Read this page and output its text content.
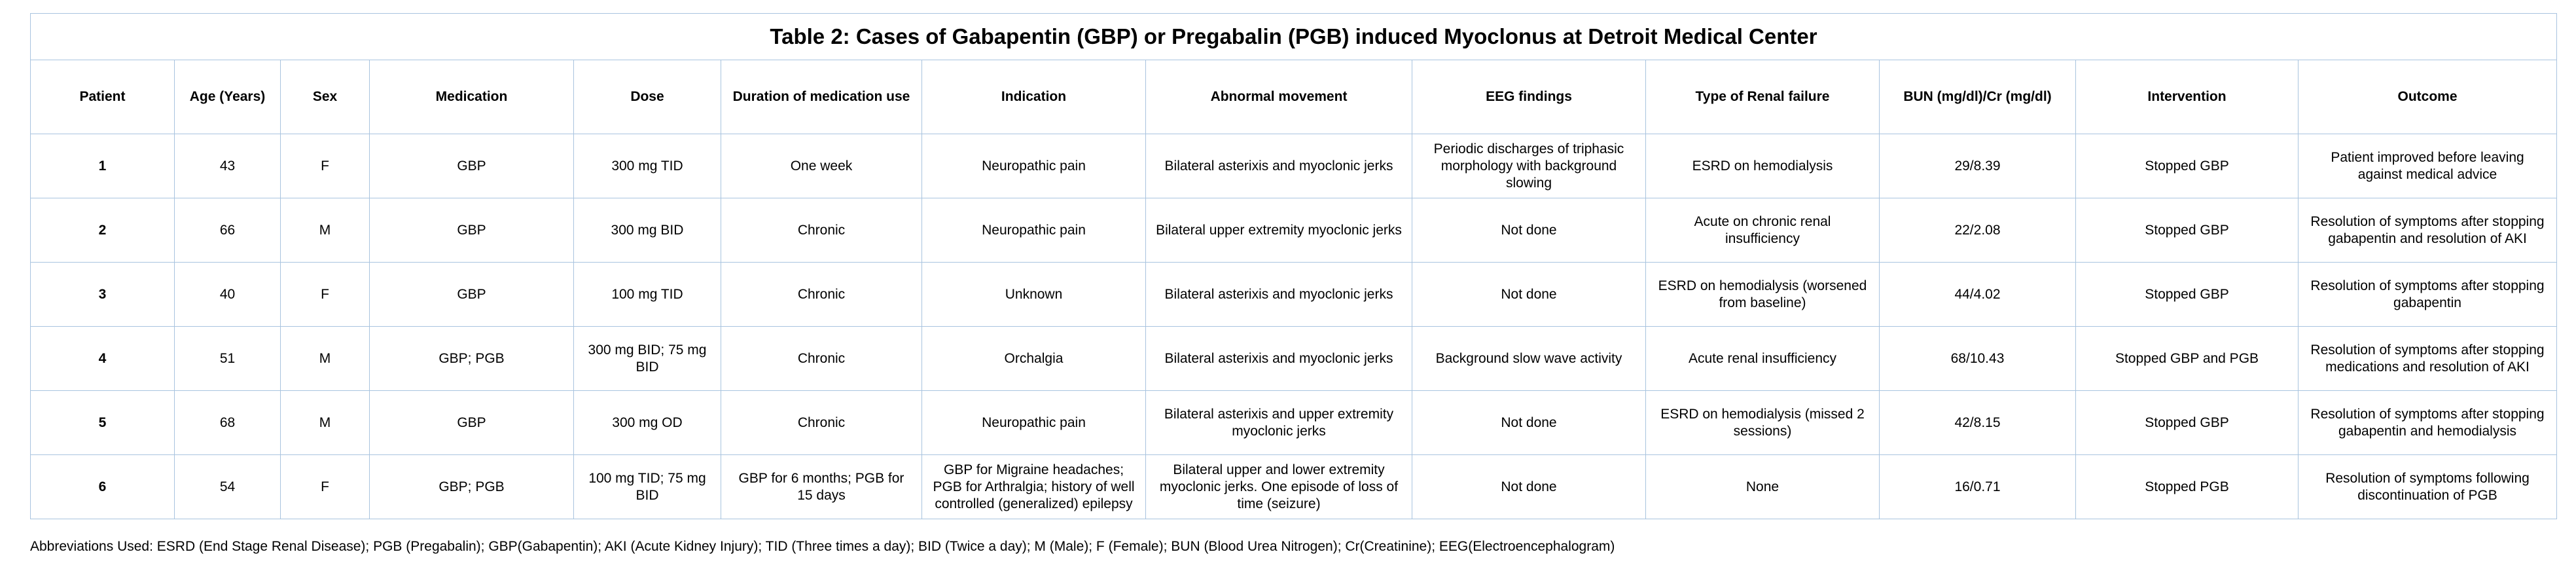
Table 2: Cases of Gabapentin (GBP) or Pregabalin (PGB) induced Myoclonus at Detroit Medical Center												
Patient	Age (Years)	Sex	Medication	Dose	Duration of medication use	Indication	Abnormal movement	EEG findings	Type of Renal failure	BUN (mg/dl)/Cr (mg/dl)	Intervention	Outcome
1	43	F	GBP	300 mg TID	One week	Neuropathic pain	Bilateral asterixis and myoclonic jerks	Periodic discharges of triphasic morphology with background slowing	ESRD on hemodialysis	29/8.39	Stopped GBP	Patient improved before leaving against medical advice
2	66	M	GBP	300 mg BID	Chronic	Neuropathic pain	Bilateral upper extremity myoclonic jerks	Not done	Acute on chronic renal insufficiency	22/2.08	Stopped GBP	Resolution of symptoms after stopping gabapentin and resolution of AKI
3	40	F	GBP	100 mg TID	Chronic	Unknown	Bilateral asterixis and myoclonic jerks	Not done	ESRD on hemodialysis (worsened from baseline)	44/4.02	Stopped GBP	Resolution of symptoms after stopping gabapentin
4	51	M	GBP; PGB	300 mg BID; 75 mg BID	Chronic	Orchalgia	Bilateral asterixis and myoclonic jerks	Background slow wave activity	Acute renal insufficiency	68/10.43	Stopped GBP and PGB	Resolution of symptoms after stopping medications and resolution of AKI
5	68	M	GBP	300 mg OD	Chronic	Neuropathic pain	Bilateral asterixis and upper extremity myoclonic jerks	Not done	ESRD on hemodialysis (missed 2 sessions)	42/8.15	Stopped GBP	Resolution of symptoms after stopping gabapentin and hemodialysis
6	54	F	GBP; PGB	100 mg TID; 75 mg BID	GBP for 6 months; PGB for 15 days	GBP for Migraine headaches; PGB for Arthralgia; history of well controlled (generalized) epilepsy	Bilateral upper and lower extremity myoclonic jerks. One episode of loss of time (seizure)	Not done	None	16/0.71	Stopped PGB	Resolution of symptoms following discontinuation of PGB
Abbreviations Used: ESRD (End Stage Renal Disease); PGB (Pregabalin); GBP(Gabapentin); AKI (Acute Kidney Injury); TID (Three times a day); BID (Twice a day); M (Male); F (Female); BUN (Blood Urea Nitrogen); Cr(Creatinine); EEG(Electroencephalogram)
